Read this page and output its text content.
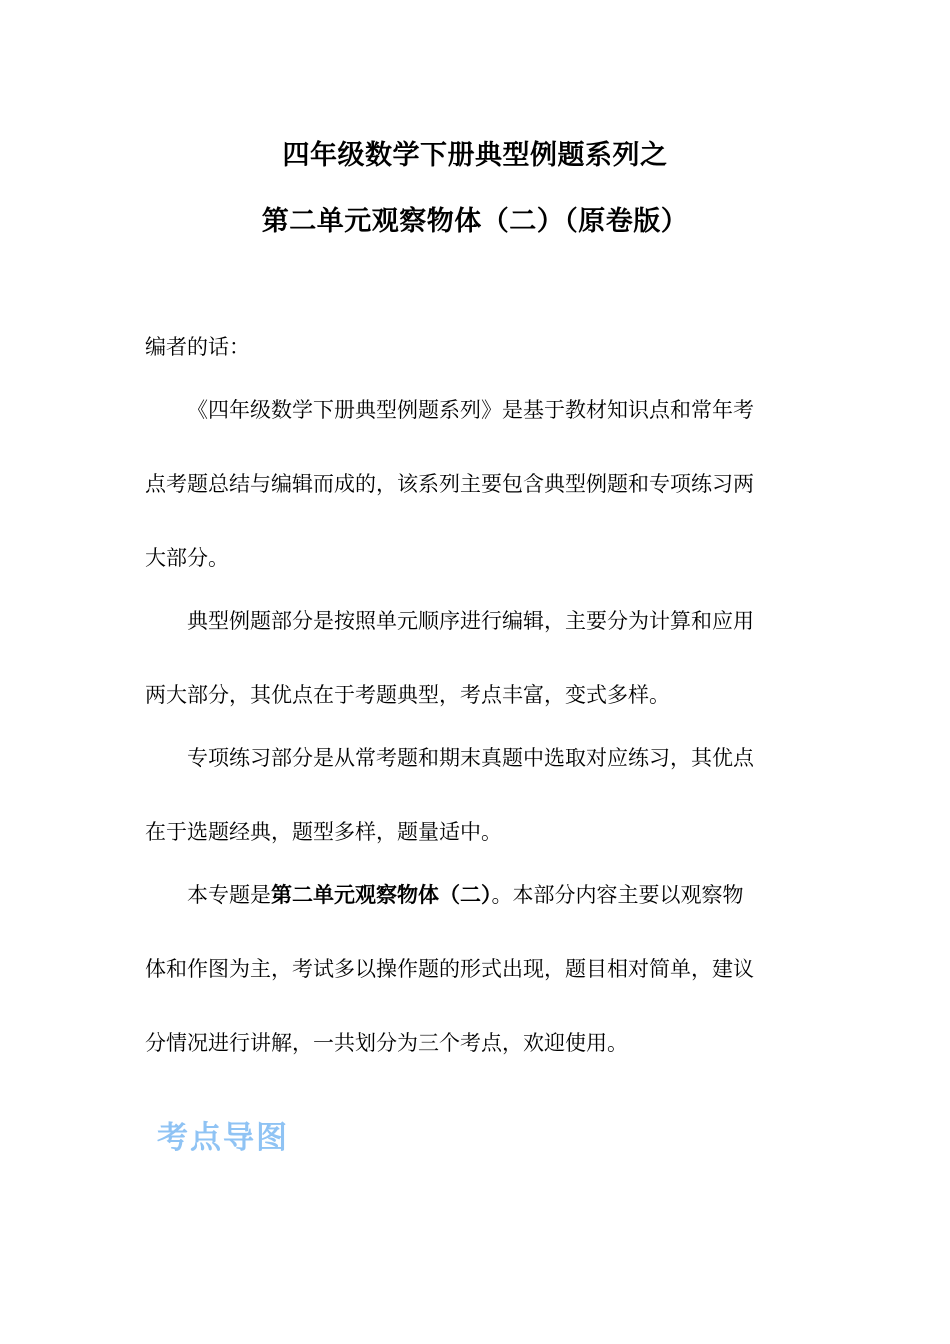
四年级数学下册典型例题系列之
第二单元观察物体（二）（原卷版）
编者的话：
《四年级数学下册典型例题系列》是基于教材知识点和常年考
点考题总结与编辑而成的，该系列主要包含典型例题和专项练习两
大部分。
典型例题部分是按照单元顺序进行编辑，主要分为计算和应用
两大部分，其优点在于考题典型，考点丰富，变式多样。
专项练习部分是从常考题和期末真题中选取对应练习，其优点
在于选题经典，题型多样，题量适中。
本专题是第二单元观察物体（二）。本部分内容主要以观察物
体和作图为主，考试多以操作题的形式出现，题目相对简单，建议
分情况进行讲解，一共划分为三个考点，欢迎使用。
考点导图
